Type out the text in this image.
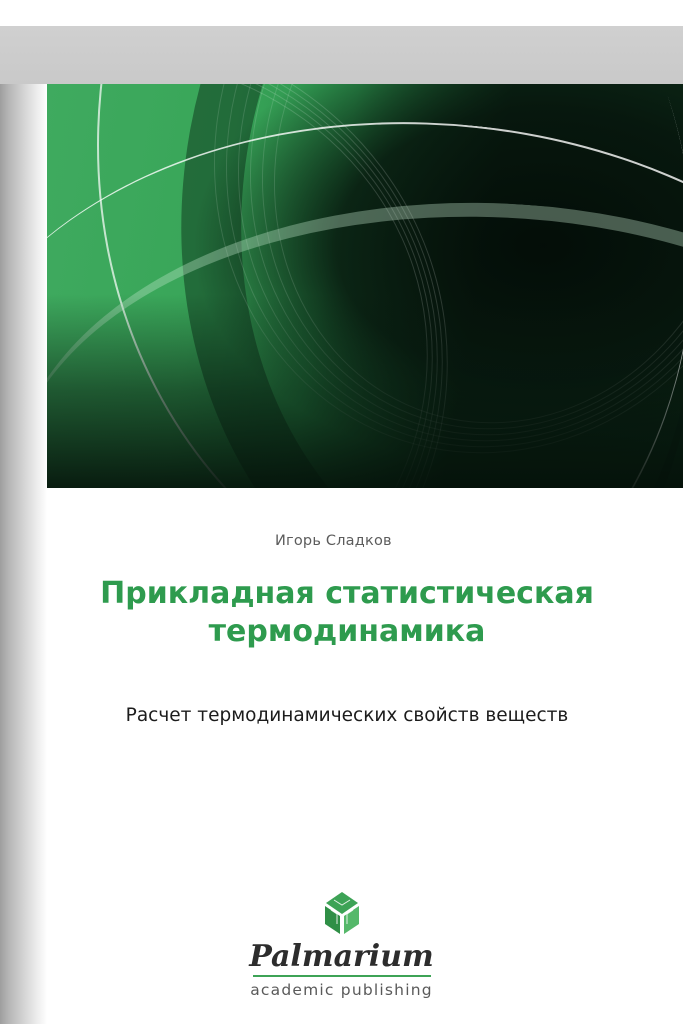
Игорь Сладков
Прикладная статистическая термодинамика
Расчет термодинамических свойств веществ
Palmarium
academic publishing
